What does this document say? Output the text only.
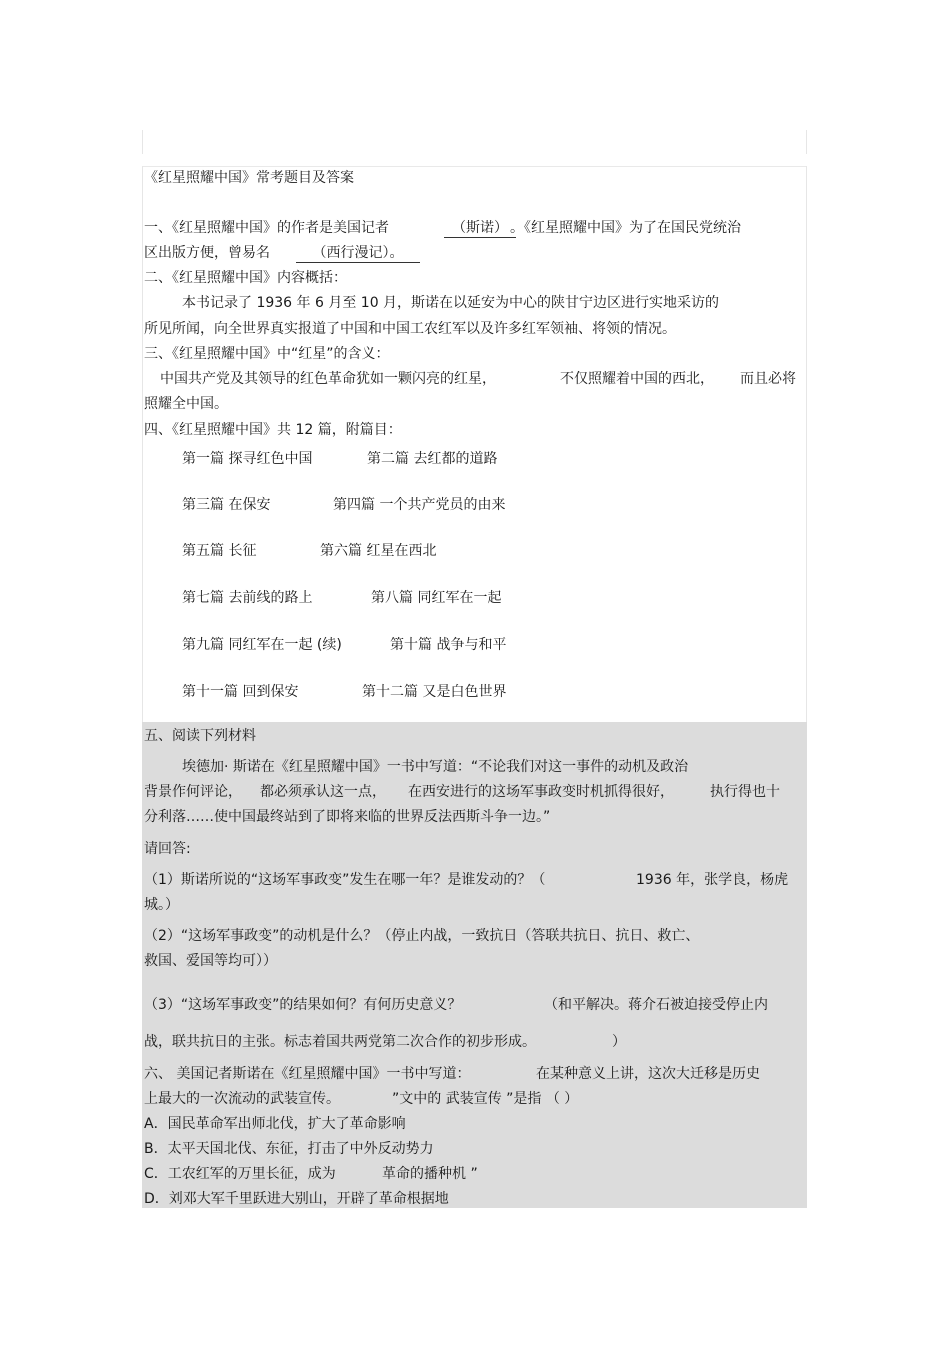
《红星照耀中国》常考题目及答案
一、《红星照耀中国》的作者是美国记者	（斯诺） 。《红星照耀中国》为了在国民党统治
区出版方便，曾易名	（西行漫记）。
二、《红星照耀中国》内容概括：
本书记录了 1936 年 6 月至 10 月，斯诺在以延安为中心的陕甘宁边区进行实地采访的
所见所闻，向全世界真实报道了中国和中国工农红军以及许多红军领袖、将领的情况。
三、《红星照耀中国》中“红星”的含义：
中国共产党及其领导的红色革命犹如一颗闪亮的红星，	不仅照耀着中国的西北， 而且必将
照耀全中国。
四、《红星照耀中国》共 12 篇，附篇目：
第一篇 探寻红色中国	第二篇 去红都的道路
第三篇 在保安	第四篇 一个共产党员的由来
第五篇 长征	第六篇 红星在西北
第七篇 去前线的路上	第八篇 同红军在一起
第九篇 同红军在一起 (续)	第十篇 战争与和平
第十一篇 回到保安	第十二篇 又是白色世界
五、阅读下列材料
埃德加· 斯诺在《红星照耀中国》一书中写道：“不论我们对这一事件的动机及政治
背景作何评论， 都必须承认这一点， 在西安进行的这场军事政变时机抓得很好，	执行得也十
分利落……使中国最终站到了即将来临的世界反法西斯斗争一边。”
请回答:
（1）斯诺所说的“这场军事政变”发生在哪一年？是谁发动的？（	1936 年，张学良，杨虎
城。）
（2）“这场军事政变”的动机是什么？（停止内战，一致抗日（答联共抗日、抗日、救亡、
救国、爱国等均可））
（3）“这场军事政变”的结果如何？有何历史意义？	（和平解决。蒋介石被迫接受停止内
战，联共抗日的主张。标志着国共两党第二次合作的初步形成。	）
六、 美国记者斯诺在《红星照耀中国》一书中写道：	在某种意义上讲，这次大迁移是历史
上最大的一次流动的武装宣传。	”文中的 武装宣传 ”是指 （ ）
A．国民革命军出师北伐，扩大了革命影响
B．太平天国北伐、东征，打击了中外反动势力
C．工农红军的万里长征，成为	革命的播种机 ”
D．刘邓大军千里跃进大别山，开辟了革命根据地
